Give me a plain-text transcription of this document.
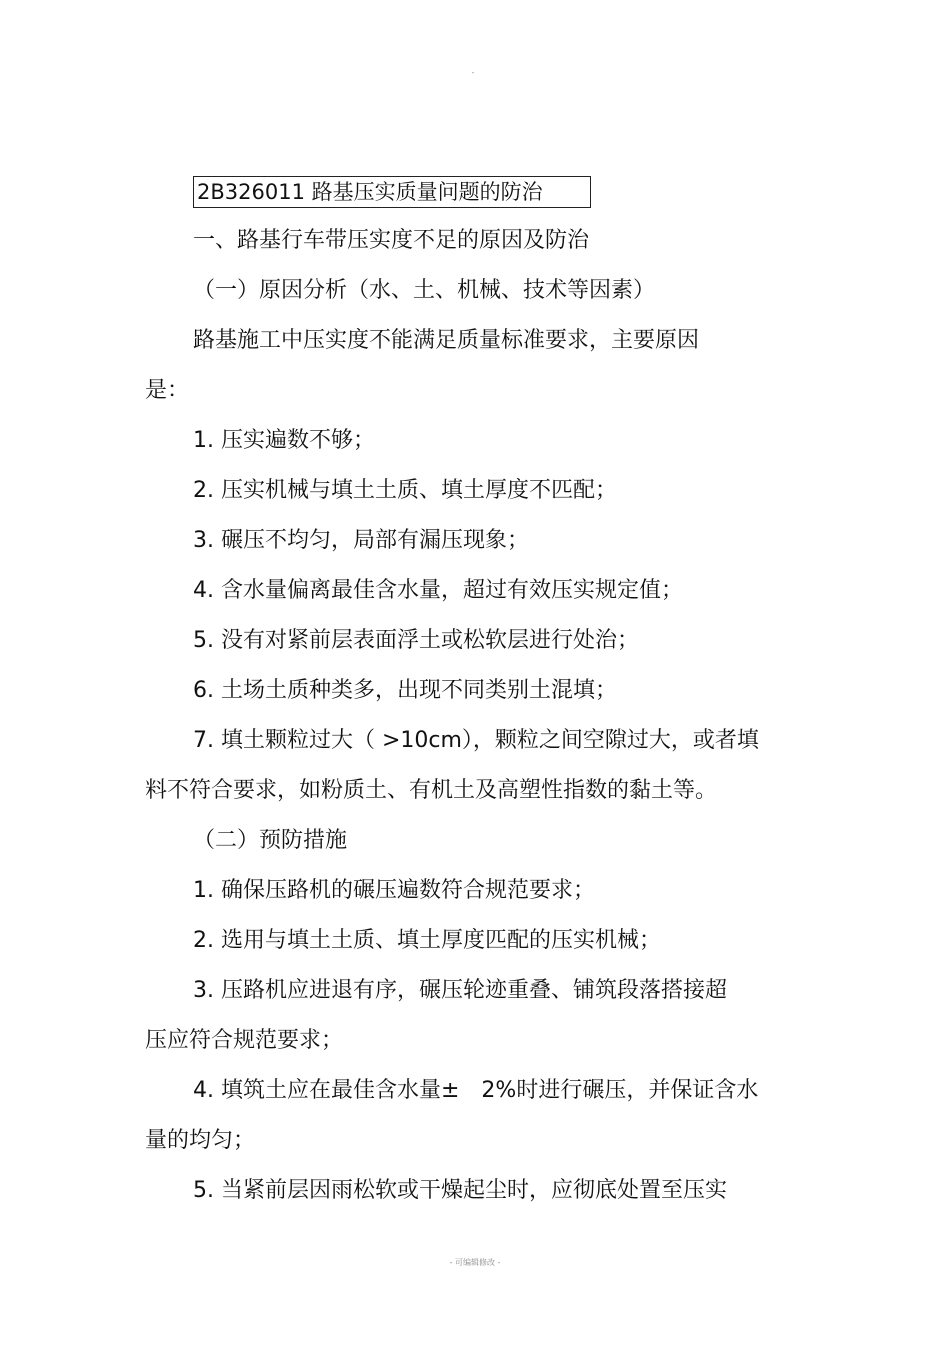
-
2B326011 路基压实质量问题的防治
一、路基行车带压实度不足的原因及防治
（一）原因分析（水、土、机械、技术等因素）
路基施工中压实度不能满足质量标准要求，主要原因
是：
1. 压实遍数不够；
2. 压实机械与填土土质、填土厚度不匹配；
3. 碾压不均匀，局部有漏压现象；
4. 含水量偏离最佳含水量，超过有效压实规定值；
5. 没有对紧前层表面浮土或松软层进行处治；
6. 土场土质种类多，出现不同类别土混填；
7. 填土颗粒过大（ >10cm），颗粒之间空隙过大，或者填
料不符合要求，如粉质土、有机土及高塑性指数的黏土等。
（二）预防措施
1. 确保压路机的碾压遍数符合规范要求；
2. 选用与填土土质、填土厚度匹配的压实机械；
3. 压路机应进退有序，碾压轮迹重叠、铺筑段落搭接超
压应符合规范要求；
4. 填筑土应在最佳含水量±　2%时进行碾压，并保证含水
量的均匀；
5. 当紧前层因雨松软或干燥起尘时，应彻底处置至压实
- 可编辑修改 -
